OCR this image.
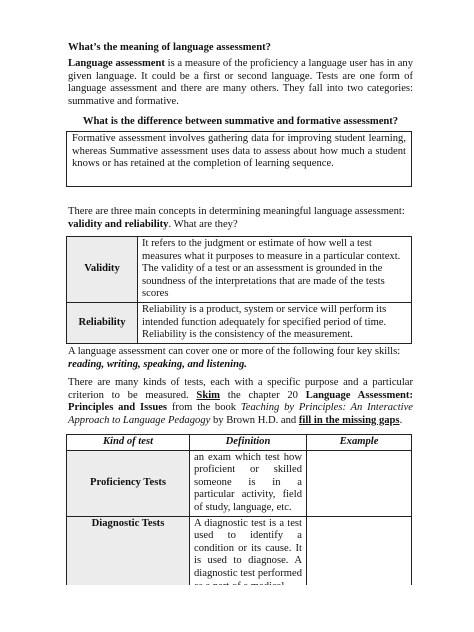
What’s the meaning of language assessment?
Language assessment is a measure of the proficiency a language user has in any given language. It could be a first or second language. Tests are one form of language assessment and there are many others. They fall into two categories: summative and formative.
What is the difference between summative and formative assessment?
Formative assessment involves gathering data for improving student learning, whereas Summative assessment uses data to assess about how much a student knows or has retained at the completion of learning sequence.
There are three main concepts in determining meaningful language assessment: validity and reliability. What are they?
Validity	It refers to the judgment or estimate of how well a test measures what it purposes to measure in a particular context. The validity of a test or an assessment is grounded in the soundness of the interpretations that are made of the tests scores
Reliability	Reliability is a product, system or service will perform its intended function adequately for specified period of time. Reliability is the consistency of the measurement.
A language assessment can cover one or more of the following four key skills: reading, writing, speaking, and listening.
There are many kinds of tests, each with a specific purpose and a particular criterion to be measured. Skim the chapter 20 Language Assessment: Principles and Issues from the book Teaching by Principles: An Interactive Approach to Language Pedagogy by Brown H.D. and fill in the missing gaps.
Kind of test	Definition	Example
Proficiency Tests	an exam which test how proficient or skilled someone is in a particular activity, field of study, language, etc.	
Diagnostic Tests	A diagnostic test is a test used to identify a condition or its cause. It is used to diagnose. A diagnostic test performed	
